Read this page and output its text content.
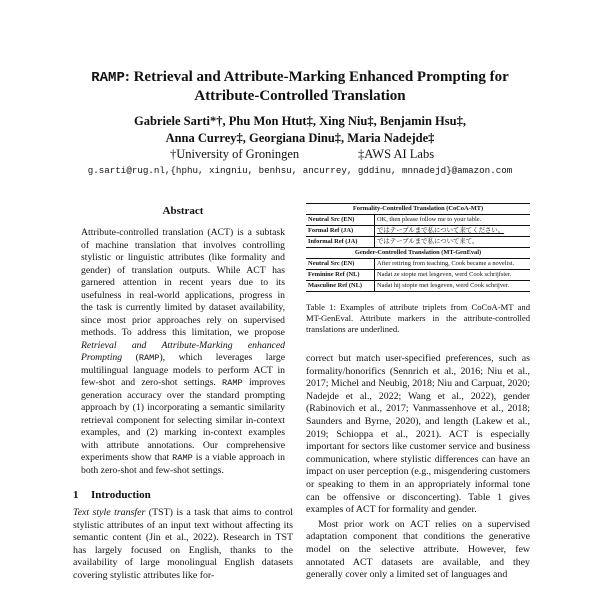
RAMP: Retrieval and Attribute-Marking Enhanced Prompting for
Attribute-Controlled Translation
Gabriele Sarti*†, Phu Mon Htut‡, Xing Niu‡, Benjamin Hsu‡,
Anna Currey‡, Georgiana Dinu‡, Maria Nadejde‡
†University of Groningen	‡AWS AI Labs
g.sarti@rug.nl,{hphu, xingniu, benhsu, ancurrey, gddinu, mnnadejd}@amazon.com
Abstract
Attribute-controlled translation (ACT) is a subtask of machine translation that involves controlling stylistic or linguistic attributes (like formality and gender) of translation outputs. While ACT has garnered attention in recent years due to its usefulness in real-world applications, progress in the task is currently limited by dataset availability, since most prior approaches rely on supervised methods. To address this limitation, we propose Retrieval and Attribute-Marking enhanced Prompting (RAMP), which leverages large multilingual language models to perform ACT in few-shot and zero-shot settings. RAMP improves generation accuracy over the standard prompting approach by (1) incorporating a semantic similarity retrieval component for selecting similar in-context examples, and (2) marking in-context examples with attribute annotations. Our comprehensive experiments show that RAMP is a viable approach in both zero-shot and few-shot settings.
1 Introduction
Text style transfer (TST) is a task that aims to control stylistic attributes of an input text without affecting its semantic content (Jin et al., 2022). Research in TST has largely focused on English, thanks to the availability of large monolingual English datasets covering stylistic attributes like for-
Formality-Controlled Translation (CoCoA-MT)	
Neutral Src (EN)	OK, then please follow me to your table.
Formal Ref (JA)	ではテーブルまで私について来てください。
Informal Ref (JA)	ではテーブルまで私について来て。
Gender-Controlled Translation (MT-GenEval)	
Neutral Src (EN)	After retiring from teaching, Cook became a novelist.
Feminine Ref (NL)	Nadat ze stopte met lesgeven, werd Cook schrijfster.
Masculine Ref (NL)	Nadat hij stopte met lesgeven, werd Cook schrijver.
Table 1: Examples of attribute triplets from CoCoA-MT and MT-GenEval. Attribute markers in the attribute-controlled translations are underlined.
correct but match user-specified preferences, such as formality/honorifics (Sennrich et al., 2016; Niu et al., 2017; Michel and Neubig, 2018; Niu and Carpuat, 2020; Nadejde et al., 2022; Wang et al., 2022), gender (Rabinovich et al., 2017; Vanmassenhove et al., 2018; Saunders and Byrne, 2020), and length (Lakew et al., 2019; Schioppa et al., 2021). ACT is especially important for sectors like customer service and business communication, where stylistic differences can have an impact on user perception (e.g., misgendering customers or speaking to them in an appropriately informal tone can be offensive or disconcerting). Table 1 gives examples of ACT for formality and gender.
Most prior work on ACT relies on a supervised adaptation component that conditions the generative model on the selective attribute. However, few annotated ACT datasets are available, and they generally cover only a limited set of languages and
